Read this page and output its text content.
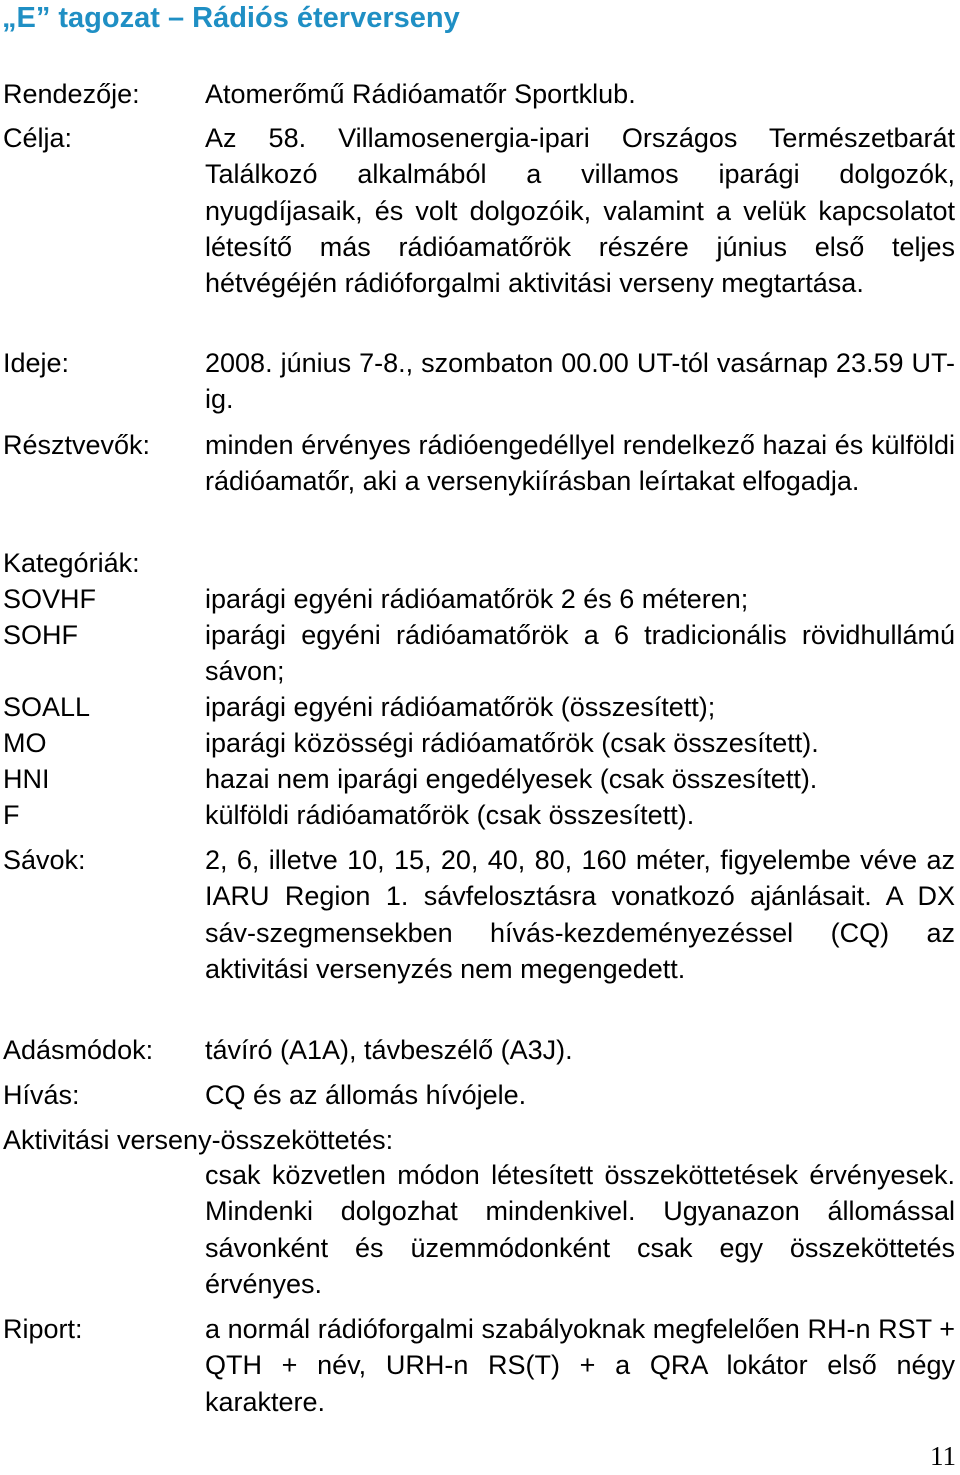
„E” tagozat – Rádiós éterverseny
Rendezője: Atomerőmű Rádióamatőr Sportklub.
Célja:	Az 58. Villamosenergia-ipari Országos Természetbarát Találkozó alkalmából a villamos iparági dolgozók, nyugdíjasaik, és volt dolgozóik, valamint a velük kapcsolatot létesítő más rádióamatőrök részére június első teljes hétvégéjén rádióforgalmi aktivitási verseny megtartása.
Ideje:	2008. június 7-8., szombaton 00.00 UT-tól vasárnap 23.59 UT-ig.
Résztvevők: minden érvényes rádióengedéllyel rendelkező hazai és külföldi rádióamatőr, aki a versenykiírásban leírtakat elfogadja.
Kategóriák:
SOVHF	iparági egyéni rádióamatőrök 2 és 6 méteren;
SOHF	iparági egyéni rádióamatőrök a 6 tradicionális rövidhullámú sávon;
SOALL	iparági egyéni rádióamatőrök (összesített);
MO	iparági közösségi rádióamatőrök (csak összesített).
HNI	hazai nem iparági engedélyesek (csak összesített).
F	külföldi rádióamatőrök (csak összesített).
Sávok:	2, 6, illetve 10, 15, 20, 40, 80, 160 méter, figyelembe véve az IARU Region 1. sávfelosztásra vonatkozó ajánlásait. A DX sáv-szegmensekben hívás-kezdeményezéssel (CQ) az aktivitási versenyzés nem megengedett.
Adásmódok: távíró (A1A), távbeszélő (A3J).
Hívás:	CQ és az állomás hívójele.
Aktivitási verseny-összeköttetés:
csak közvetlen módon létesített összeköttetések érvényesek. Mindenki dolgozhat mindenkivel. Ugyanazon állomással sávonként és üzemmódonként csak egy összeköttetés érvényes.
Riport:	a normál rádióforgalmi szabályoknak megfelelően RH-n RST + QTH + név, URH-n RS(T) + a QRA lokátor első négy karaktere.
11
